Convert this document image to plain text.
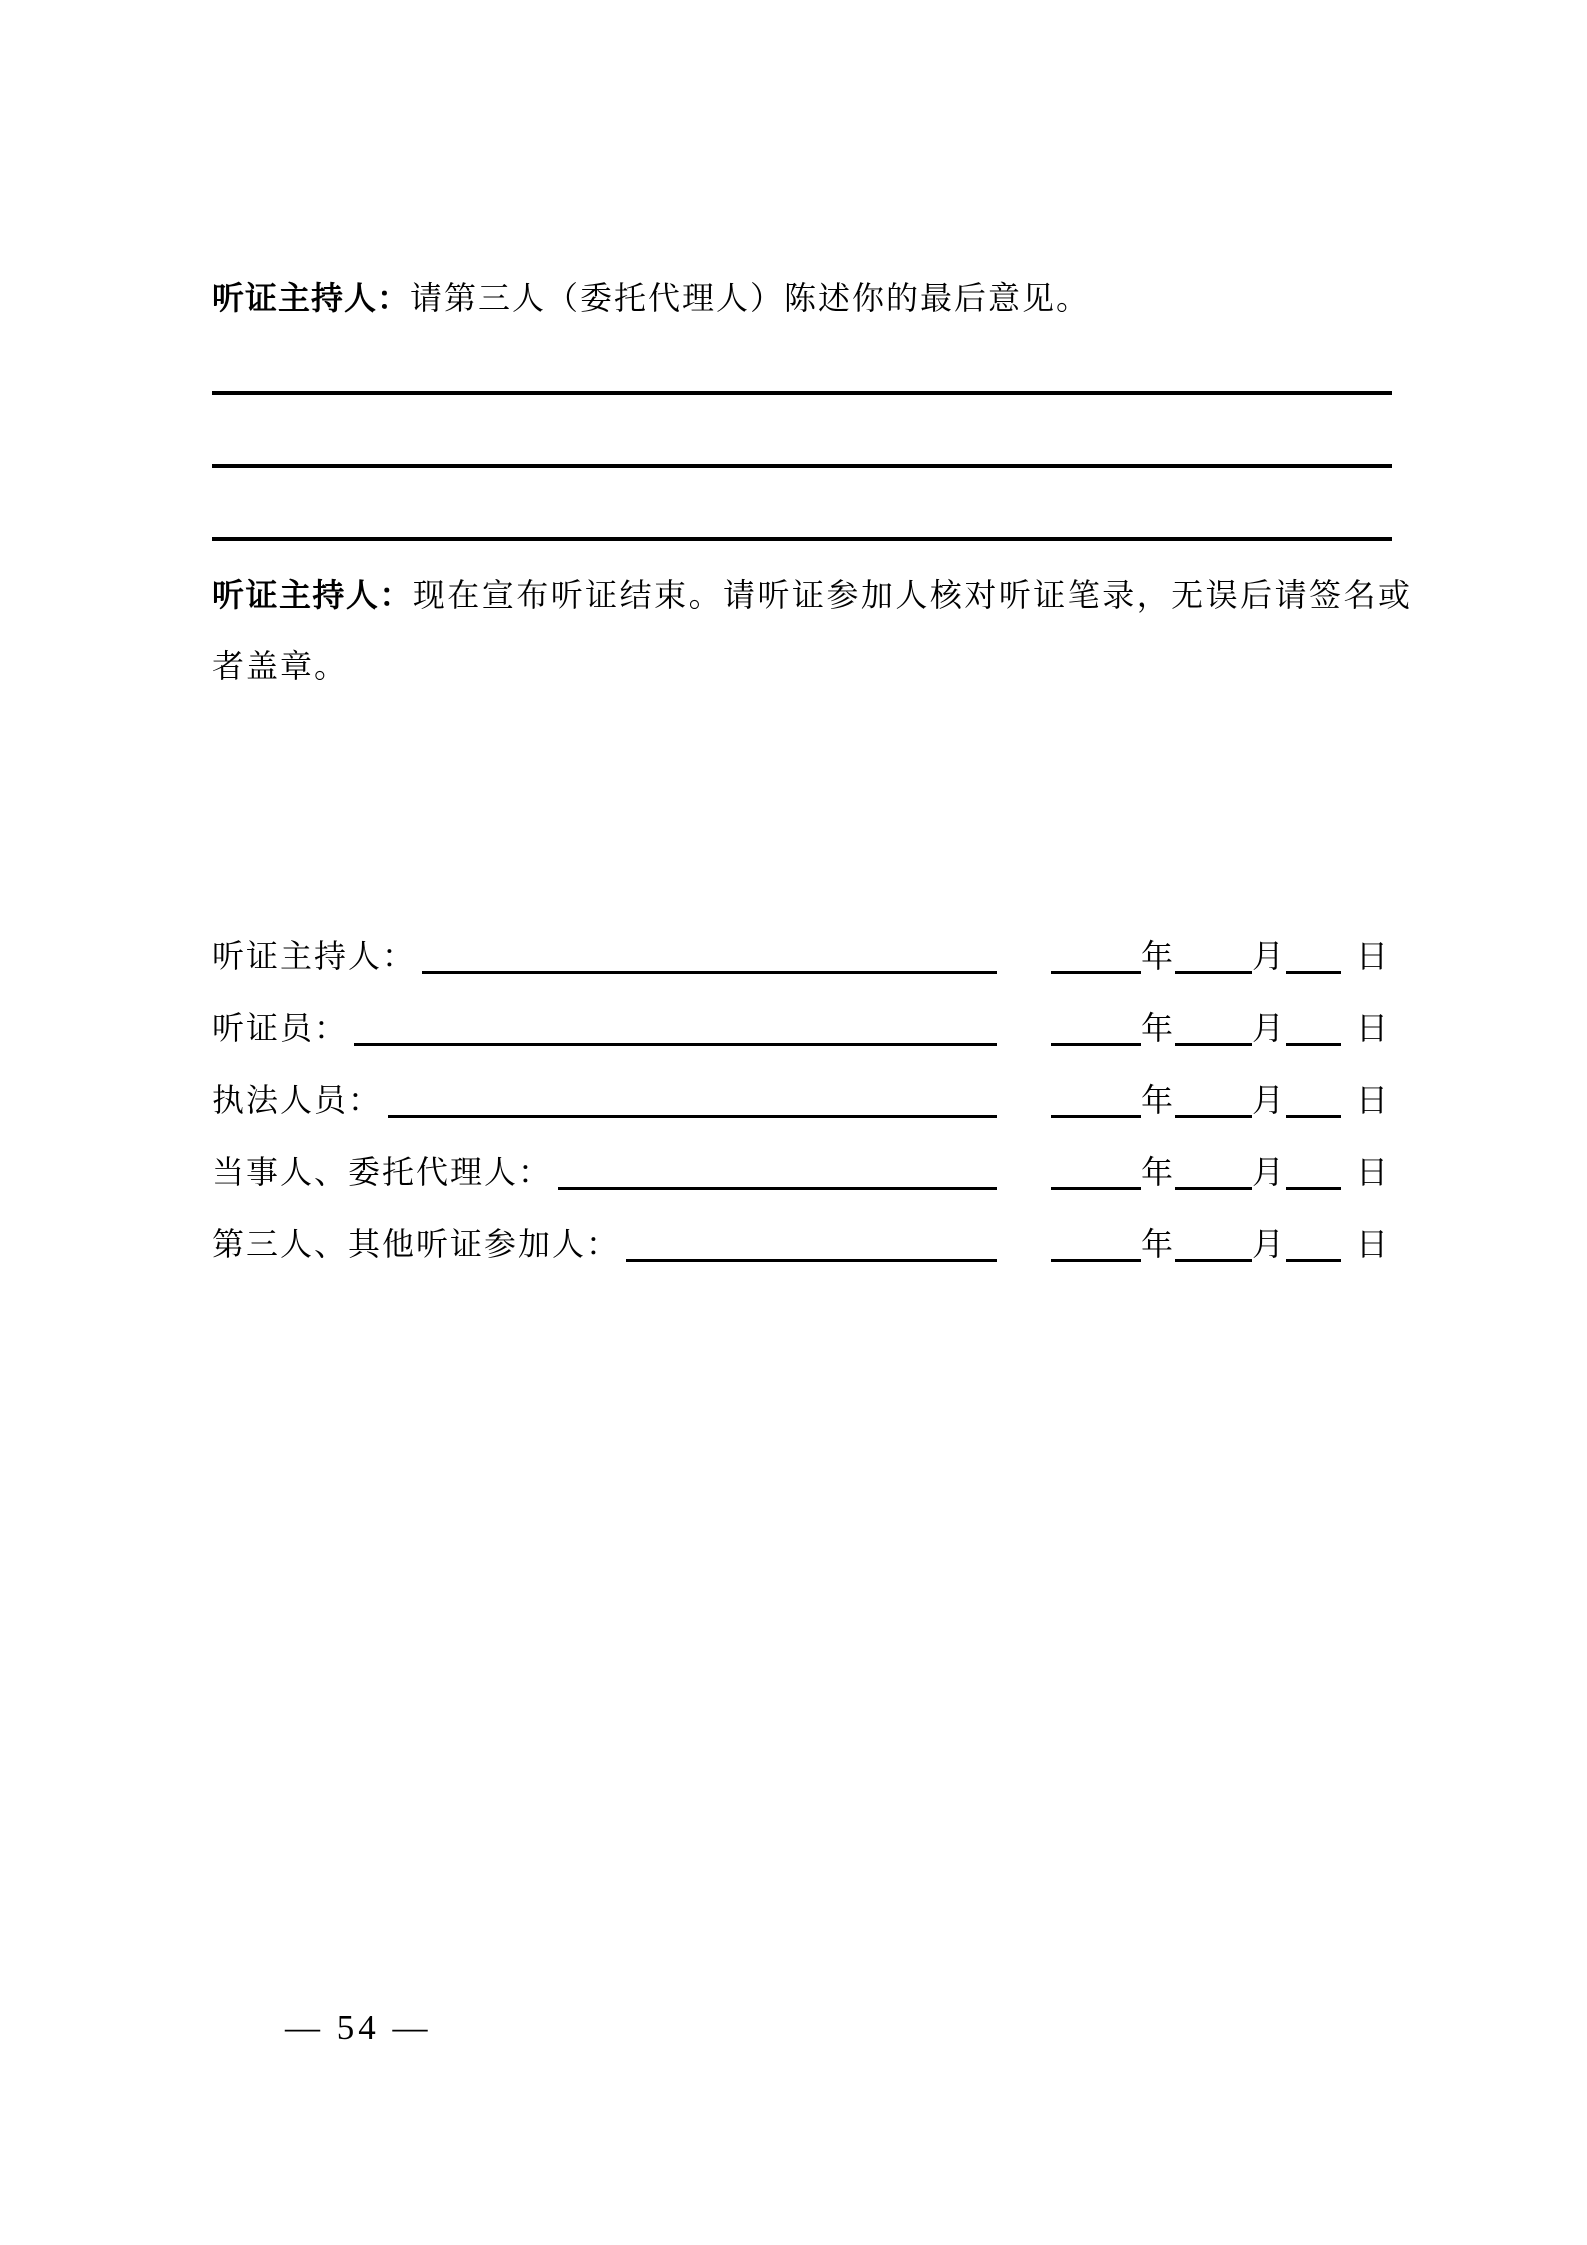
听证主持人：请第三人（委托代理人）陈述你的最后意见。

听证主持人：现在宣布听证结束。请听证参加人核对听证笔录，无误后请签名或者盖章。

听证主持人：	年 月 日
听证员：	年 月 日
执法人员：	年 月 日
当事人、委托代理人：	年 月 日
第三人、其他听证参加人：	年 月 日
— 54 —
